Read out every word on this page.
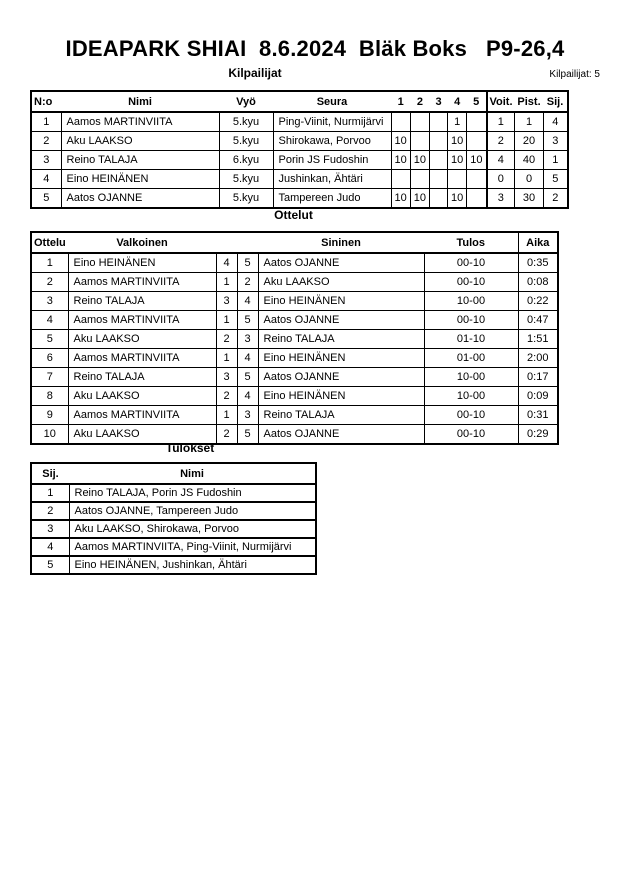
IDEAPARK SHIAI  8.6.2024  Bläk Boks   P9-26,4
Kilpailijat	Kilpailijat: 5
N:o	Nimi	Vyö	Seura	1	2	3	4	5	Voit.	Pist.	Sij.
1	Aamos MARTINVIITA	5.kyu	Ping-Viinit, Nurmijärvi				1		1	1	4
2	Aku LAAKSO	5.kyu	Shirokawa, Porvoo	10			10		2	20	3
3	Reino TALAJA	6.kyu	Porin JS Fudoshin	10	10		10	10	4	40	1
4	Eino HEINÄNEN	5.kyu	Jushinkan, Ähtäri						0	0	5
5	Aatos OJANNE	5.kyu	Tampereen Judo	10	10		10		3	30	2
Ottelut
Ottelu	Valkoinen			Sininen	Tulos	Aika
1	Eino HEINÄNEN	4	5	Aatos OJANNE	00-10	0:35
2	Aamos MARTINVIITA	1	2	Aku LAAKSO	00-10	0:08
3	Reino TALAJA	3	4	Eino HEINÄNEN	10-00	0:22
4	Aamos MARTINVIITA	1	5	Aatos OJANNE	00-10	0:47
5	Aku LAAKSO	2	3	Reino TALAJA	01-10	1:51
6	Aamos MARTINVIITA	1	4	Eino HEINÄNEN	01-00	2:00
7	Reino TALAJA	3	5	Aatos OJANNE	10-00	0:17
8	Aku LAAKSO	2	4	Eino HEINÄNEN	10-00	0:09
9	Aamos MARTINVIITA	1	3	Reino TALAJA	00-10	0:31
10	Aku LAAKSO	2	5	Aatos OJANNE	00-10	0:29
Tulokset
Sij.	Nimi
1	Reino TALAJA, Porin JS Fudoshin
2	Aatos OJANNE, Tampereen Judo
3	Aku LAAKSO, Shirokawa, Porvoo
4	Aamos MARTINVIITA, Ping-Viinit, Nurmijärvi
5	Eino HEINÄNEN, Jushinkan, Ähtäri
